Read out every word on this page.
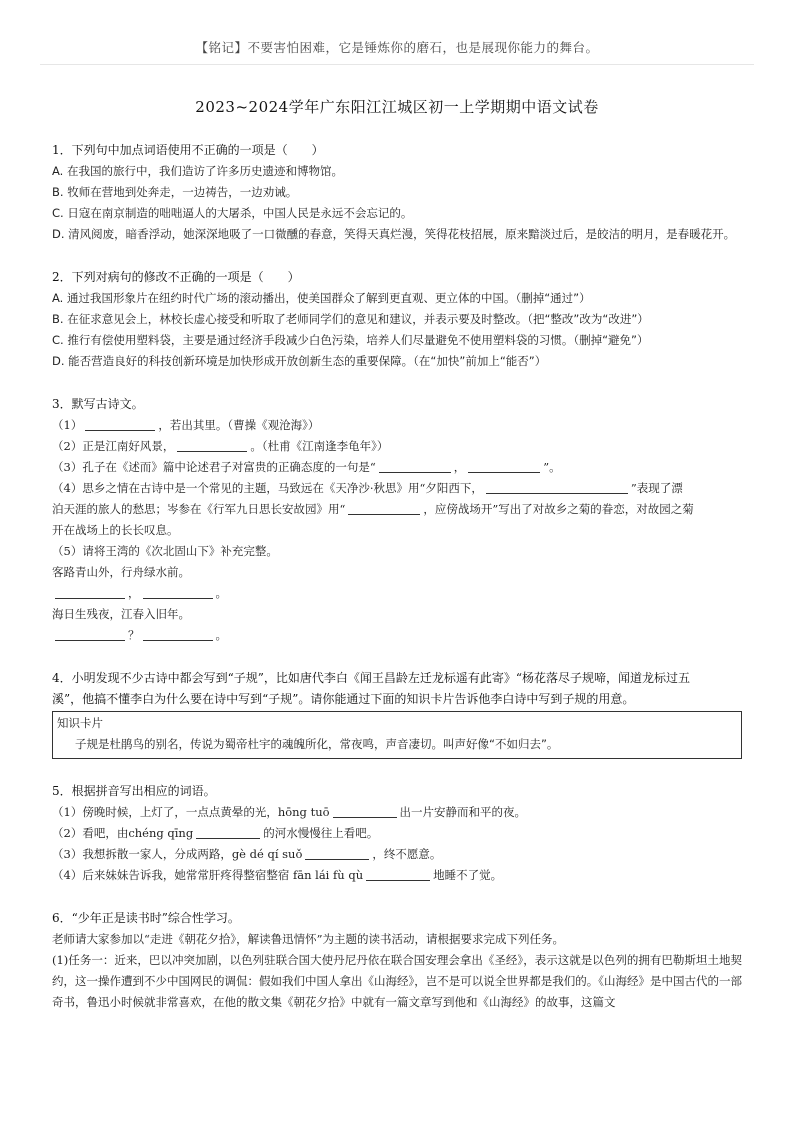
【铭记】不要害怕困难，它是锤炼你的磨石，也是展现你能力的舞台。
2023~2024学年广东阳江江城区初一上学期期中语文试卷
1．下列句中加点词语使用不正确的一项是（　　）
A. 在我国的旅行中，我们造访了许多历史遗迹和博物馆。
B. 牧师在营地到处奔走，一边祷告，一边劝诫。
C. 日寇在南京制造的咄咄逼人的大屠杀，中国人民是永远不会忘记的。
D. 清风阅废，暗香浮动，她深深地吸了一口微醺的春意，笑得天真烂漫，笑得花枝招展，原来黯淡过后，是皎洁的明月，是春暖花开。
2．下列对病句的修改不正确的一项是（　　）
A. 通过我国形象片在纽约时代广场的滚动播出，使美国群众了解到更直观、更立体的中国。（删掉“通过”）
B. 在征求意见会上，林校长虚心接受和听取了老师同学们的意见和建议，并表示要及时整改。（把“整改”改为“改进”）
C. 推行有偿使用塑料袋，主要是通过经济手段减少白色污染，培养人们尽量避免不使用塑料袋的习惯。（删掉“避免”）
D. 能否营造良好的科技创新环境是加快形成开放创新生态的重要保障。（在“加快”前加上“能否”）
3．默写古诗文。
（1）	，若出其里。（曹操《观沧海》）
（2）正是江南好风景，	。（杜甫《江南逢李龟年》）
（3）孔子在《述而》篇中论述君子对富贵的正确态度的一句是“	，	”。
（4）思乡之情在古诗中是一个常见的主题，马致远在《天净沙·秋思》用“夕阳西下，	”表现了漂
泊天涯的旅人的愁思；岑参在《行军九日思长安故园》用“	，应傍战场开”写出了对故乡之菊的眷恋，对故园之菊
开在战场上的长长叹息。
（5）请将王湾的《次北固山下》补充完整。
客路青山外，行舟绿水前。
，	。
海日生残夜，江春入旧年。
？	。
4．小明发现不少古诗中都会写到“子规”，比如唐代李白《闻王昌龄左迁龙标遥有此寄》“杨花落尽子规啼，闻道龙标过五
溪”，他搞不懂李白为什么要在诗中写到“子规”。请你能通过下面的知识卡片告诉他李白诗中写到子规的用意。
知识卡片
子规是杜鹃鸟的别名，传说为蜀帝杜宇的魂魄所化，常夜鸣，声音凄切。叫声好像“不如归去”。
5．根据拼音写出相应的词语。
（1）傍晚时候，上灯了，一点点黄晕的光，hōng tuō	出一片安静而和平的夜。
（2）看吧，由chéng qīng	的河水慢慢往上看吧。
（3）我想拆散一家人，分成两路，gè dé qí suǒ	，终不愿意。
（4）后来妹妹告诉我，她常常肝疼得整宿整宿 fān lái fù qù	地睡不了觉。
6．“少年正是读书时”综合性学习。
老师请大家参加以“走进《朝花夕拾》，解读鲁迅情怀”为主题的读书活动，请根据要求完成下列任务。
(1)任务一：近来，巴以冲突加剧，以色列驻联合国大使丹尼丹依在联合国安理会拿出《圣经》，表示这就是以色列的拥有巴勒斯坦土地契约，这一操作遭到不少中国网民的调侃：假如我们中国人拿出《山海经》，岂不是可以说全世界都是我们的。《山海经》是中国古代的一部奇书，鲁迅小时候就非常喜欢，在他的散文集《朝花夕拾》中就有一篇文章写到他和《山海经》的故事，这篇文
